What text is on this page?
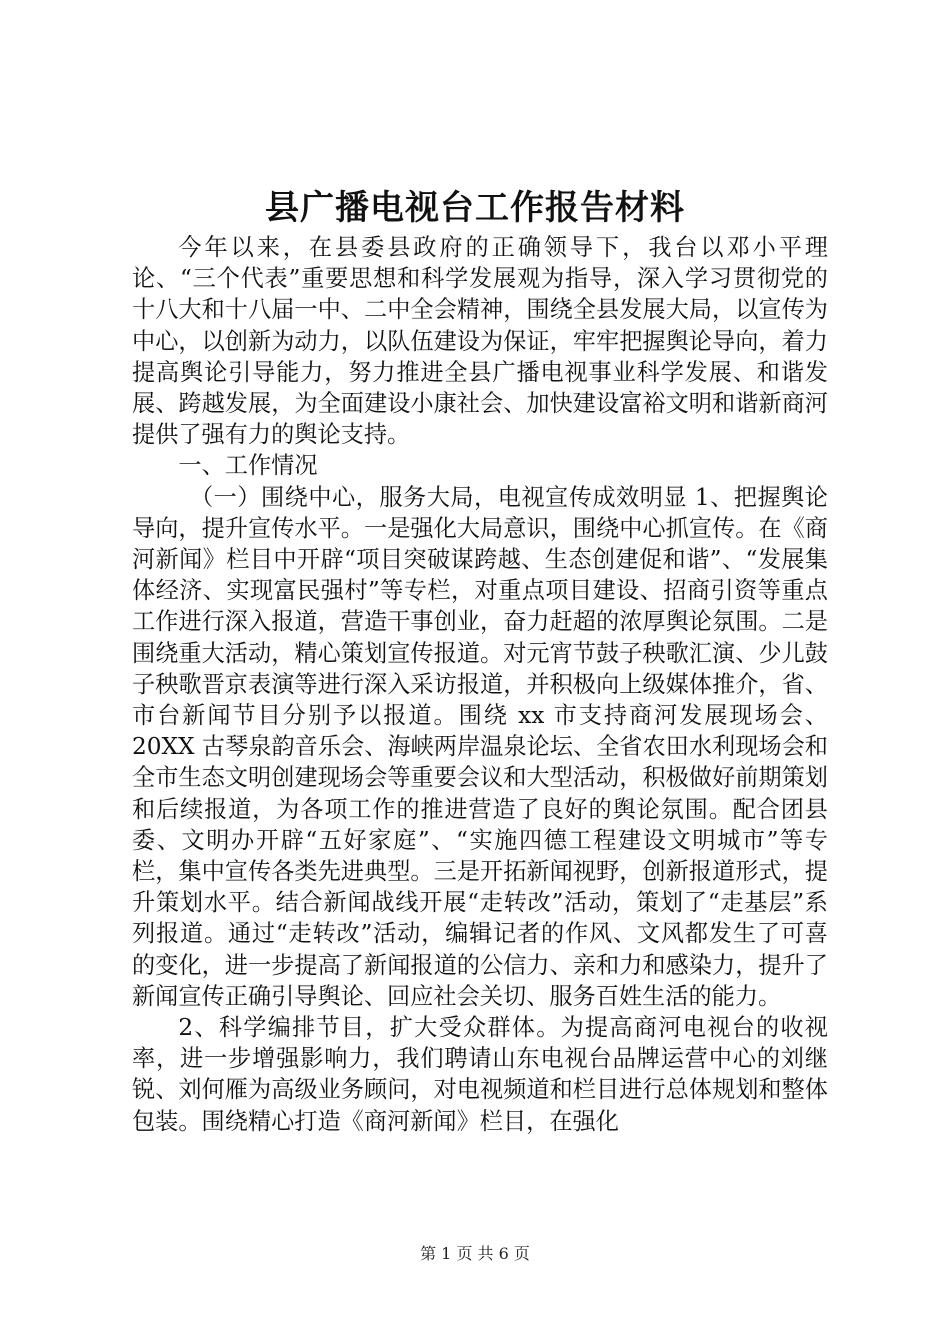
县广播电视台工作报告材料

今年以来，在县委县政府的正确领导下，我台以邓小平理论、“三个代表”重要思想和科学发展观为指导，深入学习贯彻党的十八大和十八届一中、二中全会精神，围绕全县发展大局，以宣传为中心，以创新为动力，以队伍建设为保证，牢牢把握舆论导向，着力提高舆论引导能力，努力推进全县广播电视事业科学发展、和谐发展、跨越发展，为全面建设小康社会、加快建设富裕文明和谐新商河提供了强有力的舆论支持。

一、工作情况

（一）围绕中心，服务大局，电视宣传成效明显 1、把握舆论导向，提升宣传水平。一是强化大局意识，围绕中心抓宣传。在《商河新闻》栏目中开辟“项目突破谋跨越、生态创建促和谐”、“发展集体经济、实现富民强村”等专栏，对重点项目建设、招商引资等重点工作进行深入报道，营造干事创业，奋力赶超的浓厚舆论氛围。二是围绕重大活动，精心策划宣传报道。对元宵节鼓子秧歌汇演、少儿鼓子秧歌晋京表演等进行深入采访报道，并积极向上级媒体推介，省、市台新闻节目分别予以报道。围绕 xx 市支持商河发展现场会、20XX 古琴泉韵音乐会、海峡两岸温泉论坛、全省农田水利现场会和全市生态文明创建现场会等重要会议和大型活动，积极做好前期策划和后续报道，为各项工作的推进营造了良好的舆论氛围。配合团县委、文明办开辟“五好家庭”、“实施四德工程建设文明城市”等专栏，集中宣传各类先进典型。三是开拓新闻视野，创新报道形式，提升策划水平。结合新闻战线开展“走转改”活动，策划了“走基层”系列报道。通过“走转改”活动，编辑记者的作风、文风都发生了可喜的变化，进一步提高了新闻报道的公信力、亲和力和感染力，提升了新闻宣传正确引导舆论、回应社会关切、服务百姓生活的能力。

2、科学编排节目，扩大受众群体。为提高商河电视台的收视率，进一步增强影响力，我们聘请山东电视台品牌运营中心的刘继锐、刘何雁为高级业务顾问，对电视频道和栏目进行总体规划和整体包装。围绕精心打造《商河新闻》栏目，在强化

第 1 页 共 6 页
